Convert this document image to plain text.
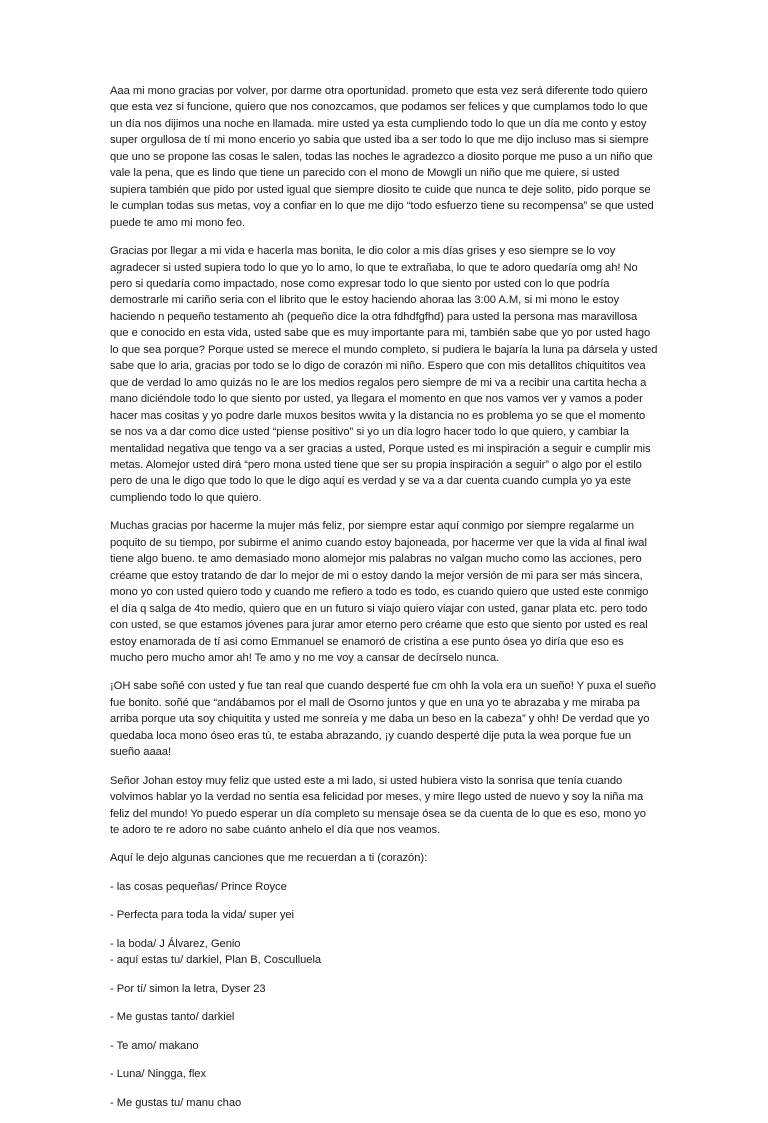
Aaa mi mono gracias por volver, por darme otra oportunidad. prometo que esta vez será diferente todo quiero que esta vez si funcione, quiero que nos conozcamos, que podamos ser felices y que cumplamos todo lo que un día nos dijimos una noche en llamada. mire usted ya esta cumpliendo todo lo que un día me conto y estoy super orgullosa de tí mi mono encerio yo sabia que usted iba a ser todo lo que me dijo incluso mas si siempre que uno se propone las cosas le salen, todas las noches le agradezco a diosito porque me puso a un niño que vale la pena, que es lindo que tiene un parecido con el mono de Mowgli un niño que me quiere, si usted supiera también que pido por usted igual que siempre diosito te cuide que nunca te deje solito, pido porque se le cumplan todas sus metas, voy a confiar en lo que me dijo “todo esfuerzo tiene su recompensa” se que usted puede te amo mi mono feo.

Gracias por llegar a mi vida e hacerla mas bonita, le dio color a mis días grises y eso siempre se lo voy agradecer si usted supiera todo lo que yo lo amo, lo que te extrañaba, lo que te adoro quedaría omg ah! No pero si quedaría como impactado, nose como expresar todo lo que siento por usted con lo que podría demostrarle mi cariño seria con el librito que le estoy haciendo ahoraa las 3:00 A.M, si mi mono le estoy haciendo n pequeño testamento ah (pequeño dice la otra fdhdfgfhd) para usted la persona mas maravillosa que e conocido en esta vida, usted sabe que es muy importante para mi, también sabe que yo por usted hago lo que sea porque? Porque usted se merece el mundo completo, si pudiera le bajaría la luna pa dársela y usted sabe que lo aria, gracias por todo se lo digo de corazón mi niño. Espero que con mis detallitos chiquititos vea que de verdad lo amo quizás no le are los medios regalos pero siempre de mi va a recibir una cartita hecha a mano diciéndole todo lo que siento por usted, ya llegara el momento en que nos vamos ver y vamos a poder hacer mas cositas y yo podre darle muxos besitos wwita y la distancia no es problema yo se que el momento se nos va a dar como dice usted “piense positivo” si yo un día logro hacer todo lo que quiero, y cambiar la mentalidad negativa que tengo va a ser gracias a usted, Porque usted es mi inspiración a seguir e cumplir mis metas. Alomejor usted dirá “pero mona usted tiene que ser su propia inspiración a seguir” o algo por el estilo pero de una le digo que todo lo que le digo aquí es verdad y se va a dar cuenta cuando cumpla yo ya este cumpliendo todo lo que quiero.

Muchas gracias por hacerme la mujer más feliz, por siempre estar aquí conmigo por siempre regalarme un poquito de su tiempo, por subirme el animo cuando estoy bajoneada, por hacerme ver que la vida al final iwal tiene algo bueno. te amo demasiado mono alomejor mis palabras no valgan mucho como las acciones, pero créame que estoy tratando de dar lo mejor de mi o estoy dando la mejor versión de mi para ser más sincera, mono yo con usted quiero todo y cuando me refiero a todo es todo, es cuando quiero que usted este conmigo el día q salga de 4to medio, quiero que en un futuro si viajo quiero viajar con usted, ganar plata etc. pero todo con usted, se que estamos jóvenes para jurar amor eterno pero créame que esto que siento por usted es real estoy enamorada de tí asi como Emmanuel se enamoró de cristina a ese punto ósea yo diría que eso es mucho pero mucho amor ah! Te amo y no me voy a cansar de decírselo nunca.

¡OH sabe soñé con usted y fue tan real que cuando desperté fue cm ohh la vola era un sueño! Y puxa el sueño fue bonito. soñé que “andábamos por el mall de Osorno juntos y que en una yo te abrazaba y me miraba pa arriba porque uta soy chiquitita y usted me sonreía y me daba un beso en la cabeza” y ohh! De verdad que yo quedaba loca mono óseo eras tú, te estaba abrazando, ¡y cuando desperté dije puta la wea porque fue un sueño aaaa!

Señor Johan estoy muy feliz que usted este a mi lado, si usted hubiera visto la sonrisa que tenía cuando volvimos hablar yo la verdad no sentía esa felicidad por meses, y mire llego usted de nuevo y soy la niña ma feliz del mundo! Yo puedo esperar un día completo su mensaje ósea se da cuenta de lo que es eso, mono yo te adoro te re adoro no sabe cuánto anhelo el día que nos veamos.

Aquí le dejo algunas canciones que me recuerdan a ti (corazón):

- las cosas pequeñas/ Prince Royce
- Perfecta para toda la vida/ super yei
- la boda/ J Álvarez, Genio
- aquí estas tu/ darkiel, Plan B, Cosculluela
- Por tí/ simon la letra, Dyser 23
- Me gustas tanto/ darkiel
- Te amo/ makano
- Luna/ Ningga, flex
- Me gustas tu/ manu chao
